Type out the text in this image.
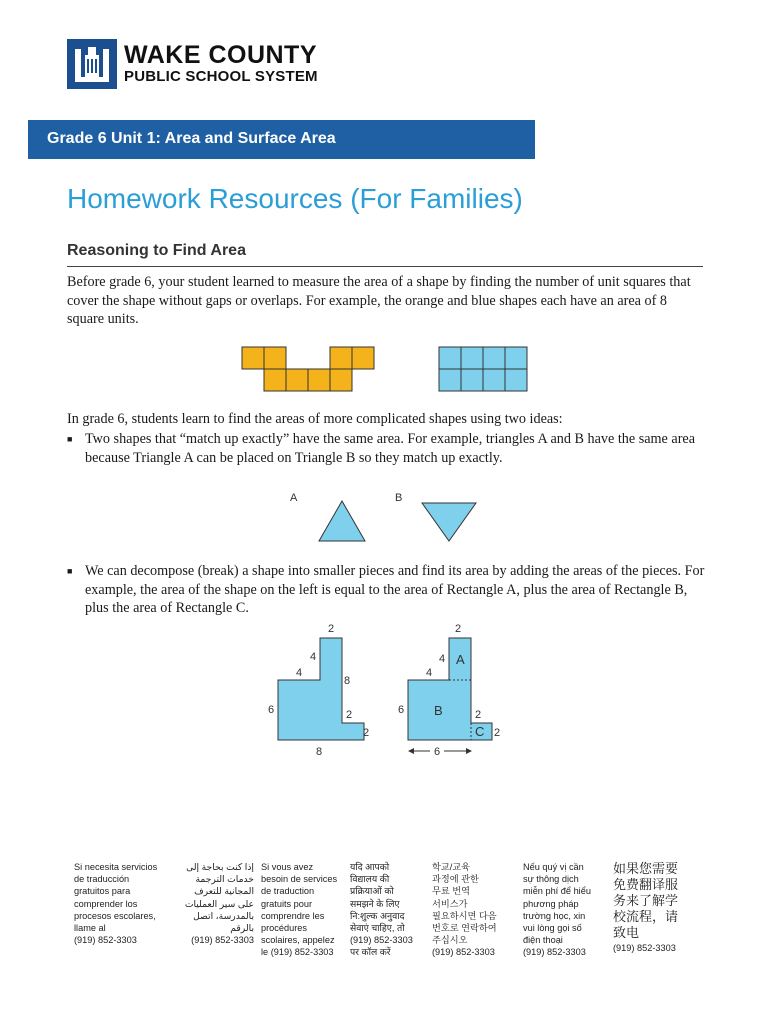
WAKE COUNTY
PUBLIC SCHOOL SYSTEM
Grade 6 Unit 1: Area and Surface Area
Homework Resources (For Families)
Reasoning to Find Area
Before grade 6, your student learned to measure the area of a shape by finding the number of unit squares that cover the shape without gaps or overlaps. For example, the orange and blue shapes each have an area of 8 square units.
In grade 6, students learn to find the areas of more complicated shapes using two ideas:
■ Two shapes that “match up exactly” have the same area. For example, triangles A and B have the same area because Triangle A can be placed on Triangle B so they match up exactly.
A	B
■ We can decompose (break) a shape into smaller pieces and find its area by adding the areas of the pieces. For example, the area of the shape on the left is equal to the area of Rectangle A, plus the area of Rectangle B, plus the area of Rectangle C.
2
4
4
8
6	2
2
8
2
4
4
6	2
2
6
A
B
C
Si necesita servicios
de traducción
gratuitos para
comprender los
procesos escolares,
llame al
(919) 852-3303
إذا كنت بحاجة إلى
خدمات الترجمة
المجانية للتعرف
على سير العمليات
بالمدرسة، اتصل
بالرقم
(919) 852-3303
Si vous avez
besoin de services
de traduction
gratuits pour
comprendre les
procédures
scolaires, appelez
le (919) 852-3303
यदि आपको
विद्यालय की
प्रक्रियाओं को
समझने के लिए
नि:शुल्क अनुवाद
सेवाएं चाहिए, तो
(919) 852-3303
पर कॉल करें
학교/교육
과정에 관한
무료 번역
서비스가
필요하시면 다음
번호로 연락하여
주십시오
(919) 852-3303
Nếu quý vị cần
sự thông dịch
miễn phí để hiểu
phương pháp
trường học, xin
vui lòng gọi số
điện thoại
(919) 852-3303
如果您需要
免费翻译服
务来了解学
校流程，请
致电
(919) 852-3303
